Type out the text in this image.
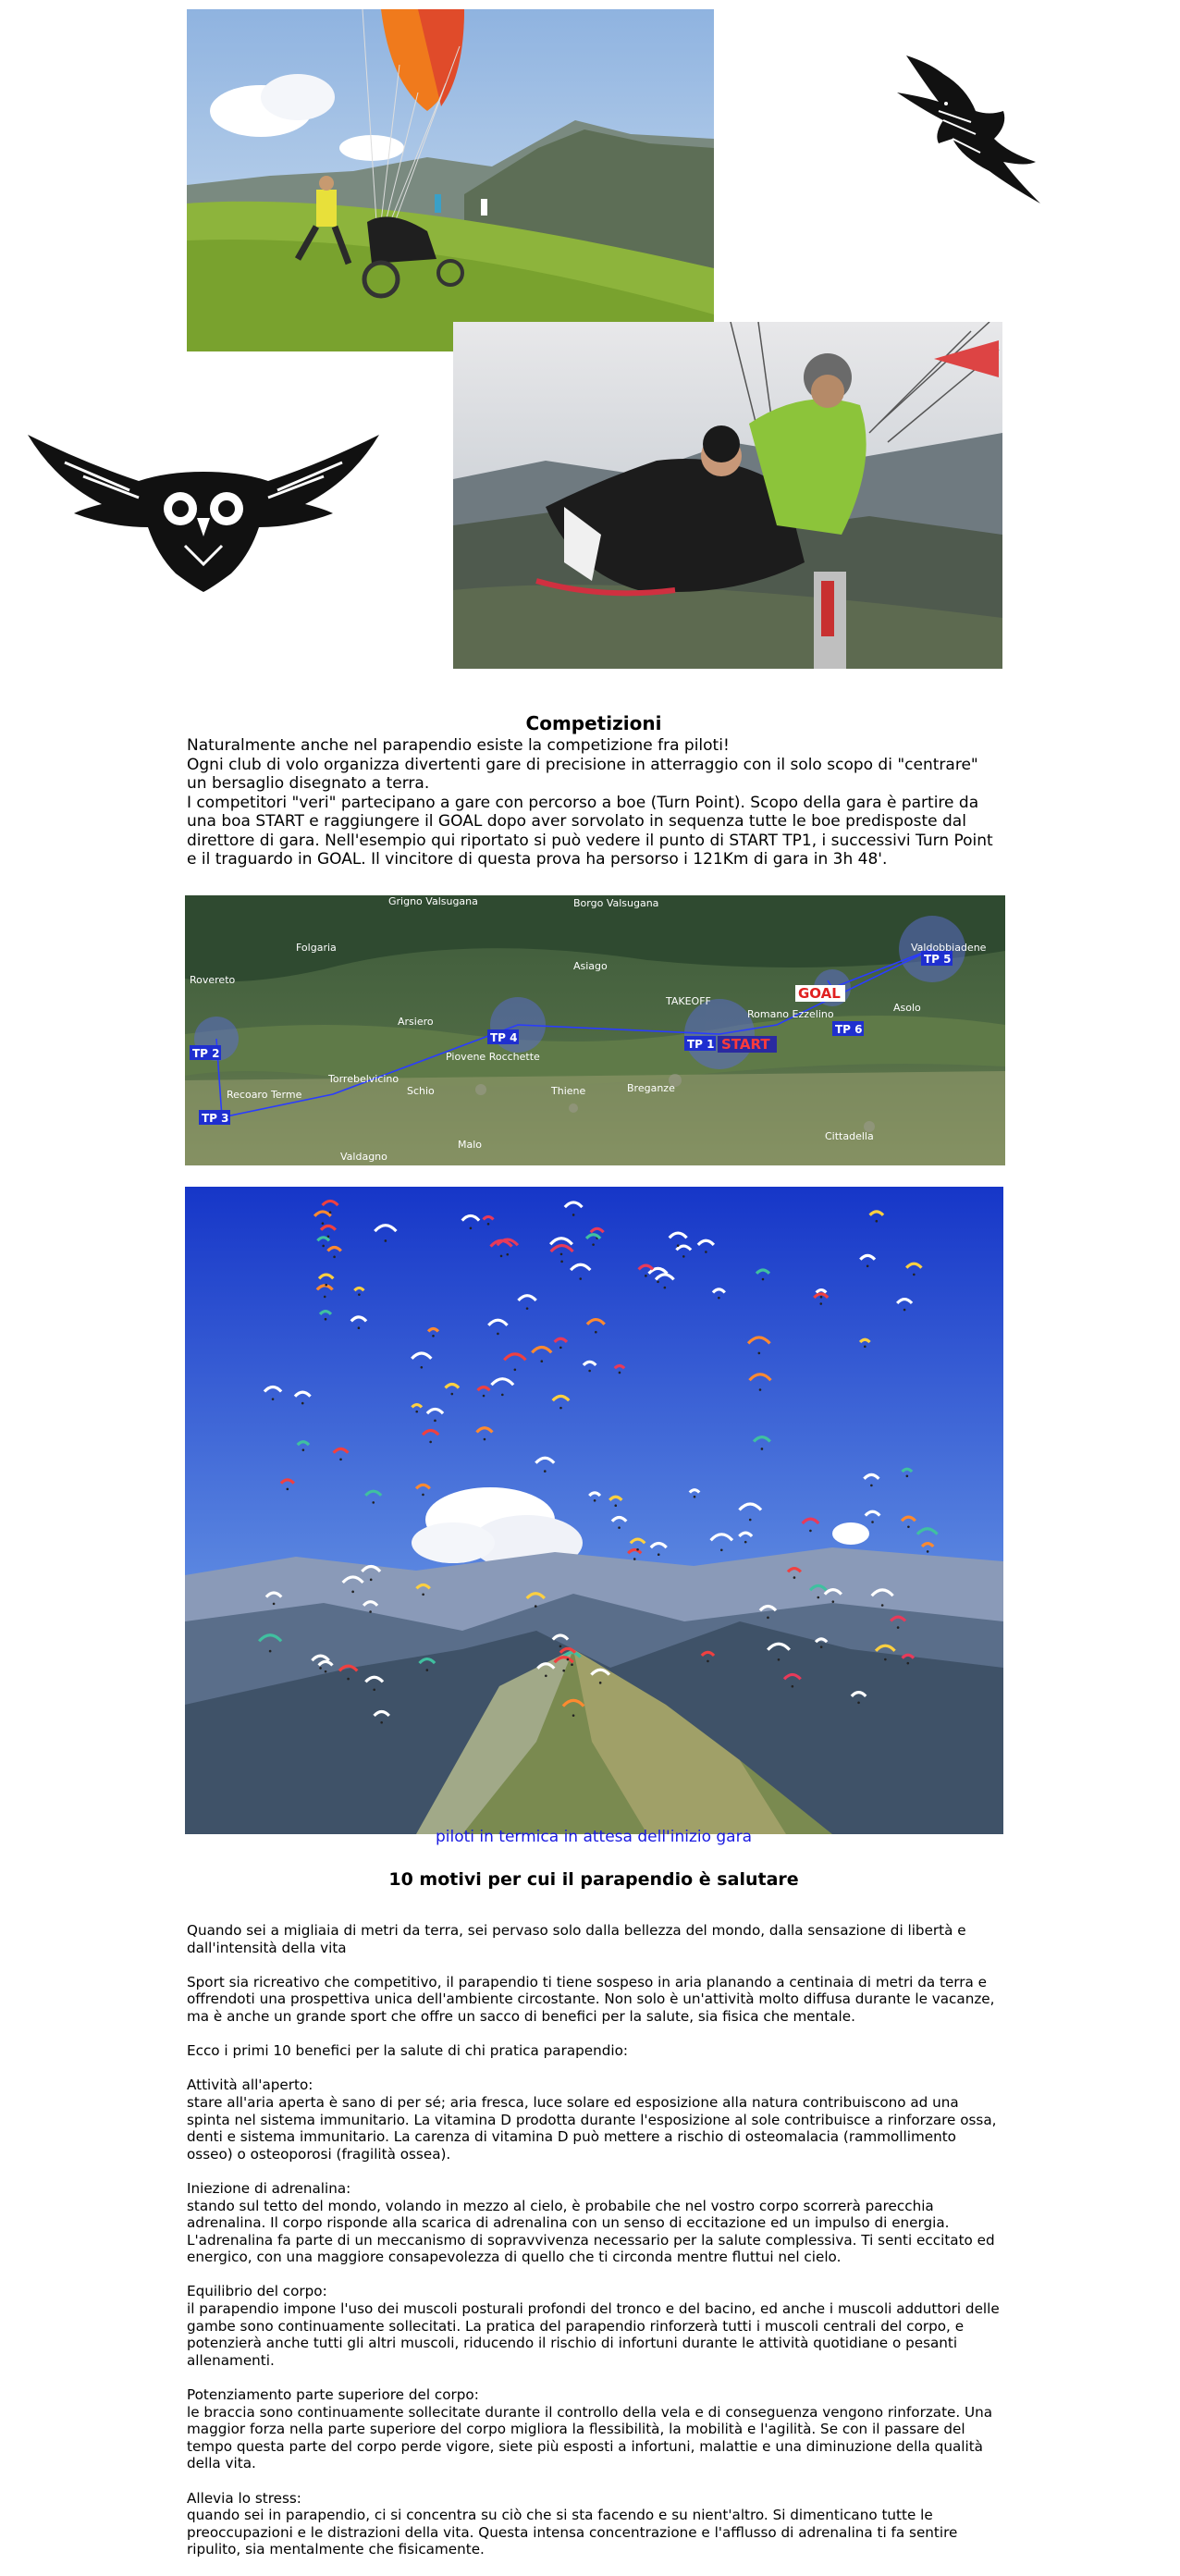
Competizioni

Naturalmente anche nel parapendio esiste la competizione fra piloti!

Ogni club di volo organizza divertenti gare di precisione in atterraggio con il solo scopo di "centrare" un bersaglio disegnato a terra.

I competitori "veri" partecipano a gare con percorso a boe (Turn Point). Scopo della gara è partire da una boa START e raggiungere il GOAL dopo aver sorvolato in sequenza tutte le boe predisposte dal direttore di gara. Nell'esempio qui riportato si può vedere il punto di START TP1, i successivi Turn Point e il traguardo in GOAL. Il vincitore di questa prova ha persorso i 121Km di gara in 3h 48'.

TP 2
TP 3
TP 4	TP 1
TP 5
TP 6
START
GOAL
Recoaro Terme
Valdagno
Torrebelvicino
Piovene Rocchette
Schio	Thiene	Breganze
Malo
Cittadella
Arsiero
TAKEOFF
Romano Ezzelino
Asolo
Valdobbiadene
Asiago
Rovereto
Borgo Valsugana
Grigno Valsugana
Folgaria
piloti in termica in attesa dell'inizio gara
10 motivi per cui il parapendio è salutare

Quando sei a migliaia di metri da terra, sei pervaso solo dalla bellezza del mondo, dalla sensazione di libertà e dall'intensità della vita

Sport sia ricreativo che competitivo, il parapendio ti tiene sospeso in aria planando a centinaia di metri da terra e offrendoti una prospettiva unica dell'ambiente circostante. Non solo è un'attività molto diffusa durante le vacanze, ma è anche un grande sport che offre un sacco di benefici per la salute, sia fisica che mentale.

Ecco i primi 10 benefici per la salute di chi pratica parapendio:

Attività all'aperto:
stare all'aria aperta è sano di per sé; aria fresca, luce solare ed esposizione alla natura contribuiscono ad una spinta nel sistema immunitario. La vitamina D prodotta durante l'esposizione al sole contribuisce a rinforzare ossa, denti e sistema immunitario. La carenza di vitamina D può mettere a rischio di osteomalacia (rammollimento osseo) o osteoporosi (fragilità ossea).

Iniezione di adrenalina:
stando sul tetto del mondo, volando in mezzo al cielo, è probabile che nel vostro corpo scorrerà parecchia adrenalina. Il corpo risponde alla scarica di adrenalina con un senso di eccitazione ed un impulso di energia. L'adrenalina fa parte di un meccanismo di sopravvivenza necessario per la salute complessiva. Ti senti eccitato ed energico, con una maggiore consapevolezza di quello che ti circonda mentre fluttui nel cielo.

Equilibrio del corpo:
il parapendio impone l'uso dei muscoli posturali profondi del tronco e del bacino, ed anche i muscoli adduttori delle gambe sono continuamente sollecitati. La pratica del parapendio rinforzerà tutti i muscoli centrali del corpo, e potenzierà anche tutti gli altri muscoli, riducendo il rischio di infortuni durante le attività quotidiane o pesanti allenamenti.

Potenziamento parte superiore del corpo:
le braccia sono continuamente sollecitate durante il controllo della vela e di conseguenza vengono rinforzate. Una maggior forza nella parte superiore del corpo migliora la flessibilità, la mobilità e l'agilità. Se con il passare del tempo questa parte del corpo perde vigore, siete più esposti a infortuni, malattie e una diminuzione della qualità della vita.

Allevia lo stress:
quando sei in parapendio, ci si concentra su ciò che si sta facendo e su nient'altro. Si dimenticano tutte le preoccupazioni e le distrazioni della vita. Questa intensa concentrazione e l'afflusso di adrenalina ti fa sentire ripulito, sia mentalmente che fisicamente.
